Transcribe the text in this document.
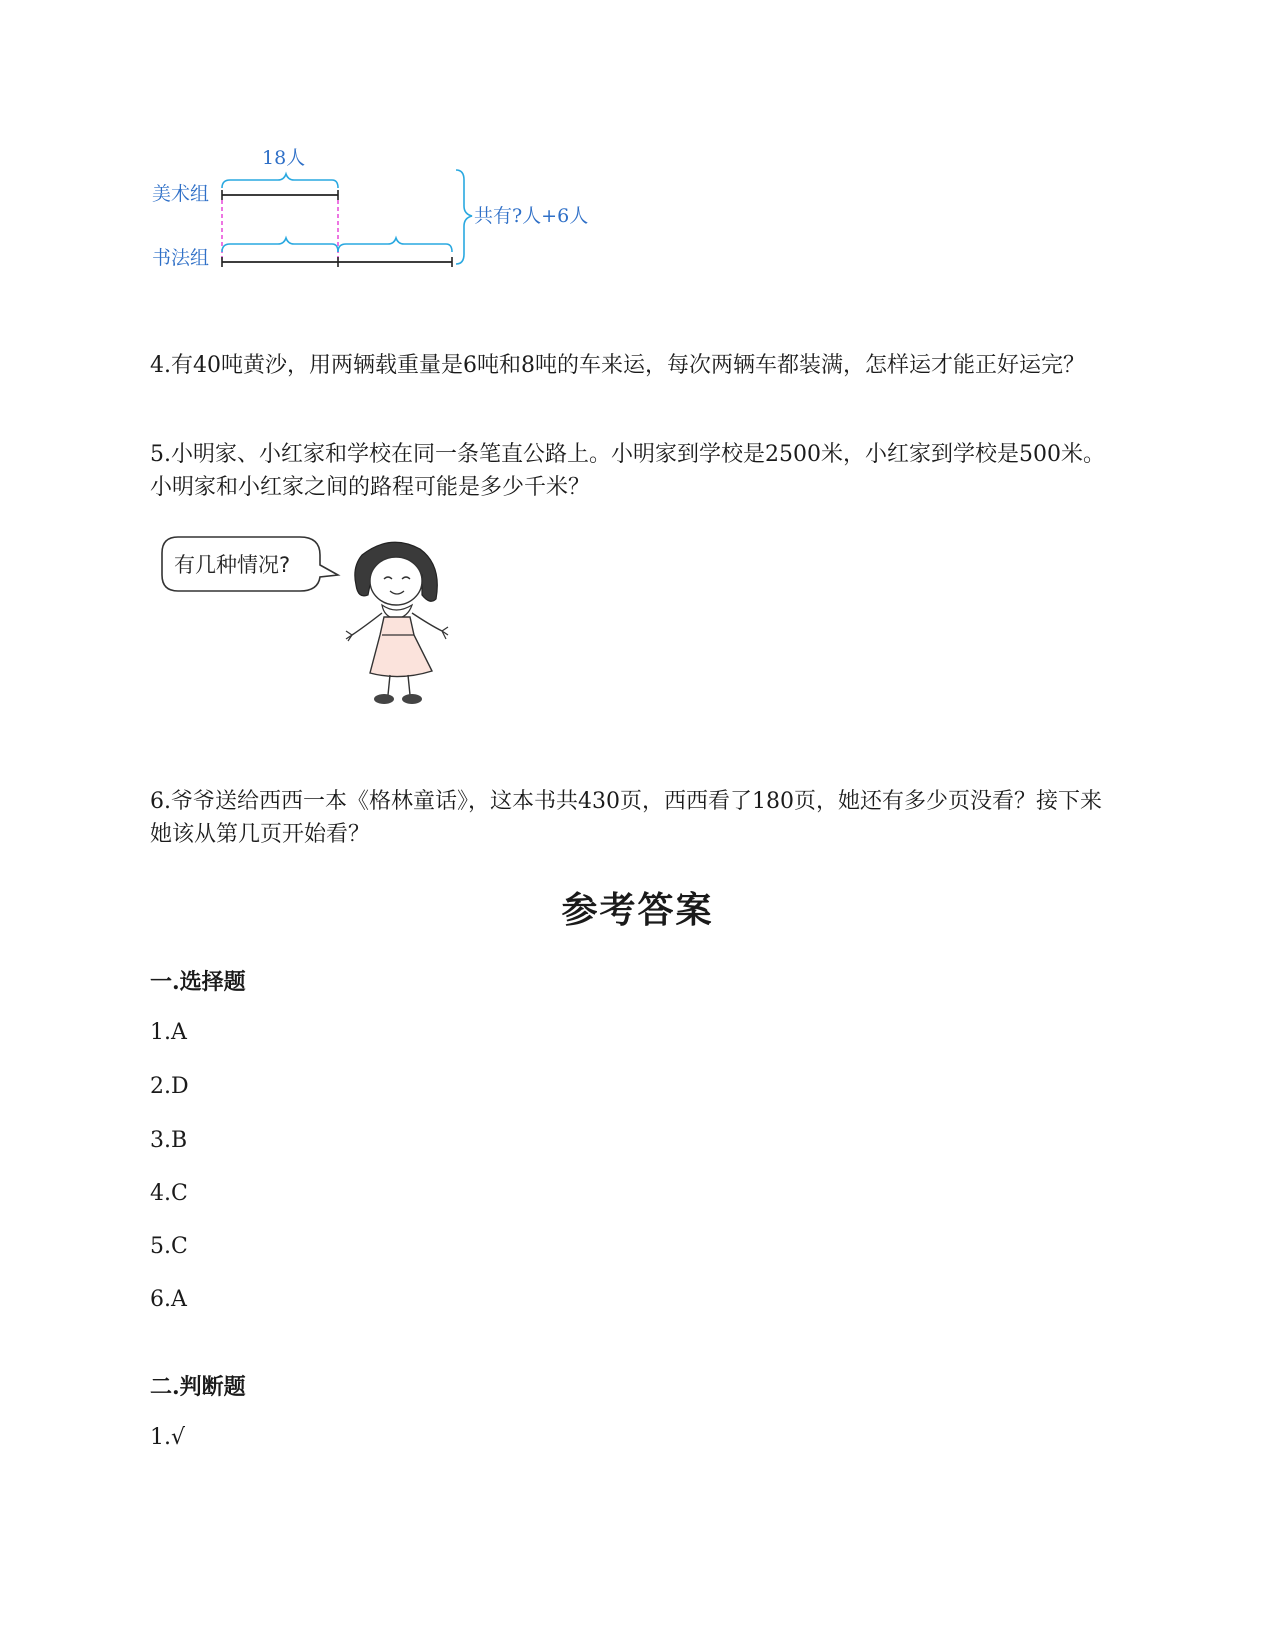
18人
美术组
书法组
共有?人+6人

4.有40吨黄沙，用两辆载重量是6吨和8吨的车来运，每次两辆车都装满，怎样运才能正好运完？

5.小明家、小红家和学校在同一条笔直公路上。小明家到学校是2500米，小红家到学校是500米。小明家和小红家之间的路程可能是多少千米？

有几种情况?

6.爷爷送给西西一本《格林童话》，这本书共430页，西西看了180页，她还有多少页没看？接下来她该从第几页开始看？

参考答案
一.选择题

1.A

2.D

3.B

4.C

5.C

6.A

二.判断题

1.√
